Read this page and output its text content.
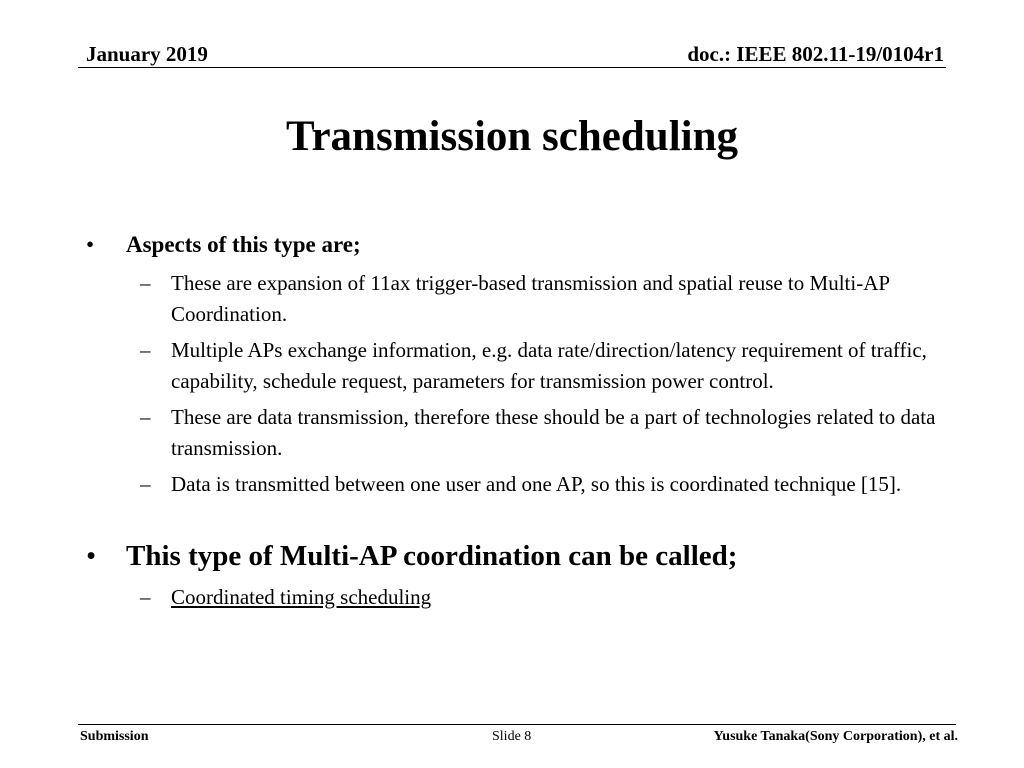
January 2019	doc.: IEEE 802.11-19/0104r1
Transmission scheduling
• Aspects of this type are;
– These are expansion of 11ax trigger-based transmission and spatial reuse to Multi-AP Coordination.
– Multiple APs exchange information, e.g. data rate/direction/latency requirement of traffic, capability, schedule request, parameters for transmission power control.
– These are data transmission, therefore these should be a part of technologies related to data transmission.
– Data is transmitted between one user and one AP, so this is coordinated technique [15].
• This type of Multi-AP coordination can be called;
– Coordinated timing scheduling
Submission	Slide 8	Yusuke Tanaka(Sony Corporation), et al.
